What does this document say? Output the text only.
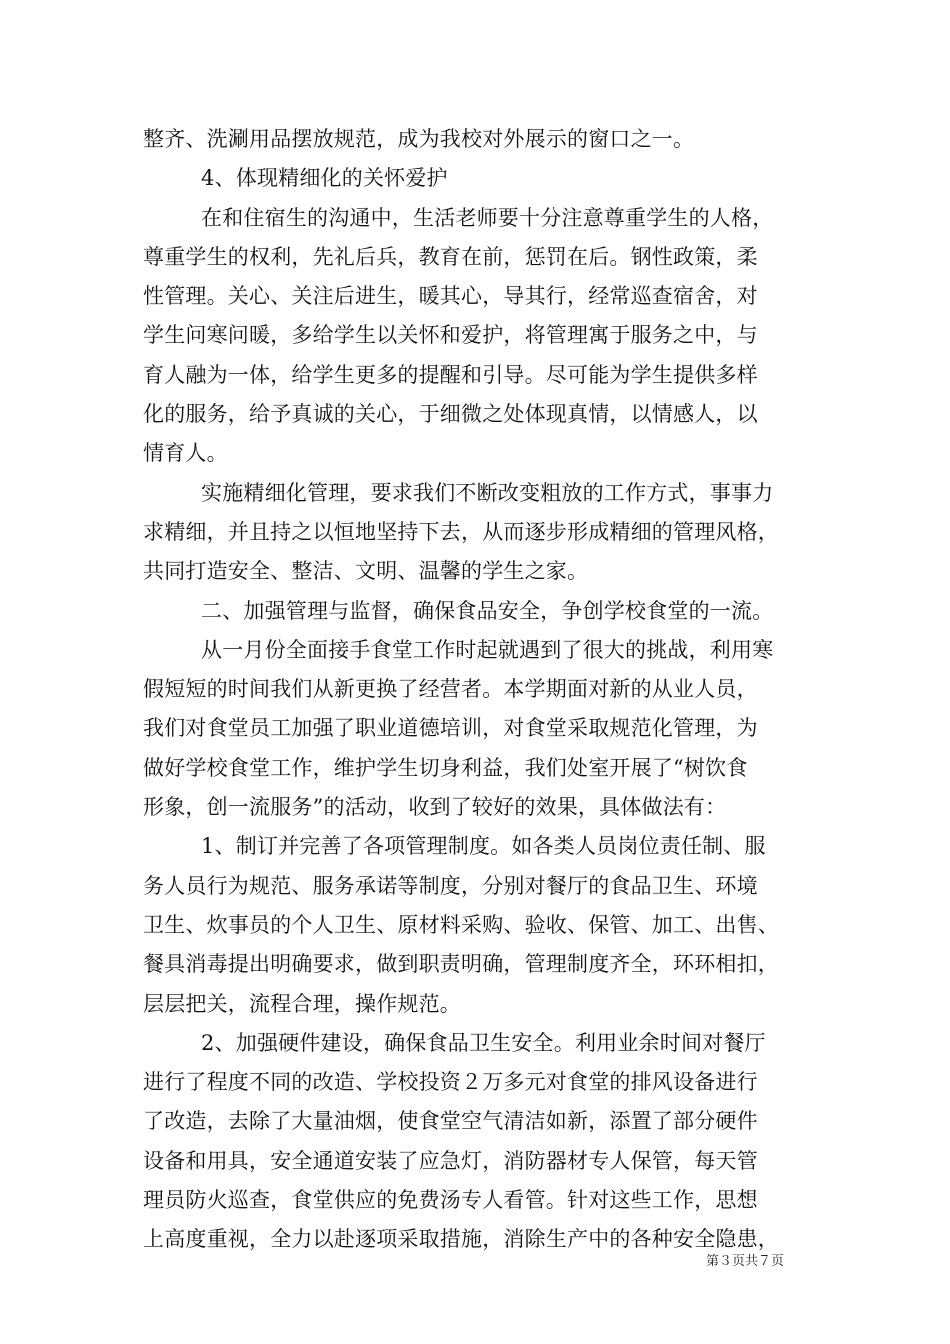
整齐、洗涮用品摆放规范，成为我校对外展示的窗口之一。
4、体现精细化的关怀爱护
在和住宿生的沟通中，生活老师要十分注意尊重学生的人格，
尊重学生的权利，先礼后兵，教育在前，惩罚在后。钢性政策，柔
性管理。关心、关注后进生，暖其心，导其行，经常巡查宿舍，对
学生问寒问暖，多给学生以关怀和爱护，将管理寓于服务之中，与
育人融为一体，给学生更多的提醒和引导。尽可能为学生提供多样
化的服务，给予真诚的关心，于细微之处体现真情，以情感人，以
情育人。
实施精细化管理，要求我们不断改变粗放的工作方式，事事力
求精细，并且持之以恒地坚持下去，从而逐步形成精细的管理风格，
共同打造安全、整洁、文明、温馨的学生之家。
二、加强管理与监督，确保食品安全，争创学校食堂的一流。
从一月份全面接手食堂工作时起就遇到了很大的挑战，利用寒
假短短的时间我们从新更换了经营者。本学期面对新的从业人员，
我们对食堂员工加强了职业道德培训，对食堂采取规范化管理，为
做好学校食堂工作，维护学生切身利益，我们处室开展了“树饮食
形象，创一流服务”的活动，收到了较好的效果，具体做法有：
1、制订并完善了各项管理制度。如各类人员岗位责任制、服
务人员行为规范、服务承诺等制度，分别对餐厅的食品卫生、环境
卫生、炊事员的个人卫生、原材料采购、验收、保管、加工、出售、
餐具消毒提出明确要求，做到职责明确，管理制度齐全，环环相扣，
层层把关，流程合理，操作规范。
2、加强硬件建设，确保食品卫生安全。利用业余时间对餐厅
进行了程度不同的改造、学校投资２万多元对食堂的排风设备进行
了改造，去除了大量油烟，使食堂空气清洁如新，添置了部分硬件
设备和用具，安全通道安装了应急灯，消防器材专人保管，每天管
理员防火巡查，食堂供应的免费汤专人看管。针对这些工作，思想
上高度重视，全力以赴逐项采取措施，消除生产中的各种安全隐患，
第３页共７页
